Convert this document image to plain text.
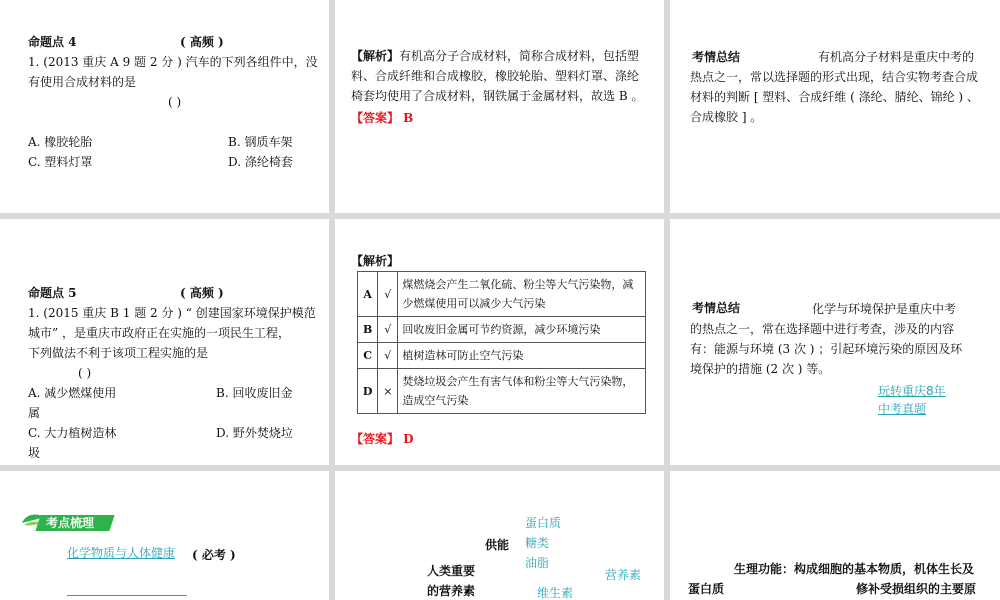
命题点 4	( 高频 )
1. (2013 重庆 A 9 题 2 分 ) 汽车的下列各组件中，没
有使用合成材料的是
( )
A. 橡胶轮胎	B. 钢质车架
C. 塑料灯罩	D. 涤纶椅套
【解析】 有机高分子合成材料，简称合成材料，包括塑
料、合成纤维和合成橡胶，橡胶轮胎、塑料灯罩、涤纶
椅套均使用了合成材料，钢铁属于金属材料，故选 B 。
【答案】 B
考情总结	有机高分子材料是重庆中考的
热点之一，常以选择题的形式出现，结合实物考查合成
材料的判断 [ 塑料、合成纤维 ( 涤纶、腈纶、锦纶 ) 、
合成橡胶 ] 。
命题点 5	( 高频 )
1. (2015 重庆 B 1 题 2 分 ) “ 创建国家环境保护模范
城市” ，是重庆市政府正在实施的一项民生工程，
下列做法不利于该项工程实施的是
( )
A. 减少燃煤使用	B. 回收废旧金
属
C. 大力植树造林	D. 野外焚烧垃
圾
【解析】
A	√	煤燃烧会产生二氧化硫、粉尘等大气污染物，减少燃煤使用可以减少大气污染
B	√	回收废旧金属可节约资源，减少环境污染
C	√	植树造林可防止空气污染
D	×	焚烧垃圾会产生有害气体和粉尘等大气污染物，造成空气污染
【答案】 D
考情总结	化学与环境保护是重庆中考
的热点之一，常在选择题中进行考查，涉及的内容
有：能源与环境 (3 次 ) ；引起环境污染的原因及环
境保护的措施 (2 次 ) 等。
玩转重庆8年
中考真题
考点梳理
化学物质与人体健康 ( 必考 )
供能
蛋白质
糖类
油脂
人类重要
的营养素
营养素
维生素
生理功能：构成细胞的基本物质，机体生长及
蛋白质	修补受损组织的主要原
